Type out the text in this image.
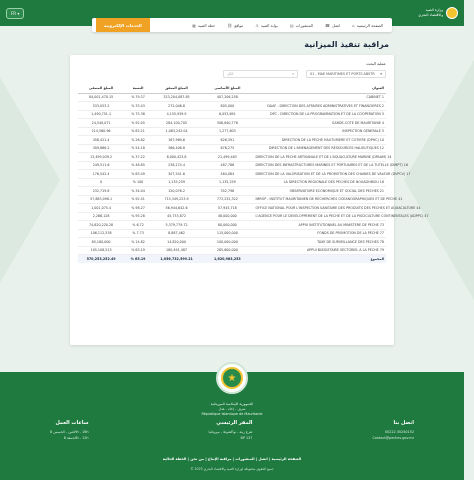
FR ▾
وزارة الصيد
والاقتصاد البحري
⌂ الصفحة الرئيسية
☎ اتصل
▤ المنشورات
⚓ بوابة الصيد
⛓ مواقع
▦ خطة الصيد
الخدمات الإلكترونية
مراقبة تنفيذ الميزانية
عملية البحث
01 - MAE MARITIMES ET PORTS ABSTR ▾
الكل	▾
المبلغ المتبقي	النسبة	المبلغ المنفق	المبلغ الأساسي	العنوان
84,001,470.15	% 79.37	323,204,087.85	407,206,258	CABINET 1
533,053.2	% 33.43	272,046.8	805,000	DAAF - DIRECTION DES AFFAIRES ADMINISTRATIVES ET FINANCIERES 2
1,490,751.1	% 75.38	4,155,939.9	6,053,691	DPC - DIRECTION DE LA PROGRAMMATION ET DE LA COOPERATION 3
24,540,071	% 92.05	284,100,705	308,640,776	GARDE-COTE DE MAURITANIE 4
214,560.96	% 83.21	1,063,242.04	1,277,803	INSPECTION GENERALE 5
458,421.4	% 26.82	167,969.6	626,391	DIRECTION DE LA PECHE HAUTURIERE ET COTIERE (DPHC) 10
309,866.2	% 54.18	366,408.8	676,275	DIRECTION DE L'AMENAGEMENT DES RESSOURCES HALIEUTIQUES 12
13,499,039.2	% 37.22	8,000,423.8	21,499,463	DIRECTION DE LA PECHE ARTISANALE ET DE L'AQUACULTURE MARINE (DPAAM) 14
249,511.6	% 48.85	238,274.4	487,786	DIRECTION DES INFRASTRUCTURES MARINES ET PORTUAIRES ET DE LA TUTELLE (DIMPT) 16
176,542.4	% 63.49	307,541.6	484,084	DIRECTION DE LA VALORISATION ET DE LA PROMOTION DES CHAINES DE VALEUR (DVPCV) 17
0	% 100	1,135,259	1,135,259	LA DIRECTION REGIONALE DES PECHES DE NOUADHIBOU 18
232,719.8	% 34.04	120,076.2	352,796	OBSERVATOIRE ECONOMIQUE ET SOCIAL DES PECHES 21
57,883,098.1	% 92.51	715,349,223.9	773,232,322	IMROP - INSTITUT MAURITANIEN DE RECHERCHES OCEANOGRAPHIQUES ET DE PECHE 41
1,001,075.4	% 98.27	56,944,642.6	57,945,718	OFFICE NATIONAL POUR L'INSPECTION SANITAIRE DES PRODUITS DES PECHES ET AQUACULTURE 44
2,266,128	% 95.28	45,733,872	48,000,000	L'AGENCE POUR LE DEVELOPPEMENT DE LA PECHE ET DE LA PISCICULTURE CONTINENTALES (ADPPC) 47
74,620,220.28	% 6.72	5,379,779.72	80,000,000	APPUI INSTITUTIONNEL AU MINISTERE DE PECHE 73
106,112,538	% 7.73	8,887,462	115,000,000	FONDS DE PROMOTION DE LA PECHE 77
85,180,000	% 14.82	14,820,000	100,000,000	TAXE DE SURVEILLANCE DES PECHES 78
105,108,513	% 63.19	180,491,487	285,600,000	APPUI BUDGETAIRE SECTORIEL A LA PECHE 79
570,253,252.49	% 65.19	1,056,732,599.21	1,620,983,253	المجموع
★
الجمهورية الإسلامية الموريتانية
شرف - إخاء - عدل
République Islamique de Mauritanie
ساعات العمل
الاثنين - الخميس 8h - 16h
الجمعة 8h - 12h
المقر الرئيسي
تفرغ زينة ، نواكشوط ، موريتانيا
BP 137
اتصل بنا
00222 45240152
Contact@peches.gov.mr
الصفحة الرئيسية | اتصل | المنشورات | مراقبة الإنتاج | من نحن | الخطة الحالية
© 2023 جميع الحقوق محفوظة لوزارة الصيد والاقتصاد البحري
